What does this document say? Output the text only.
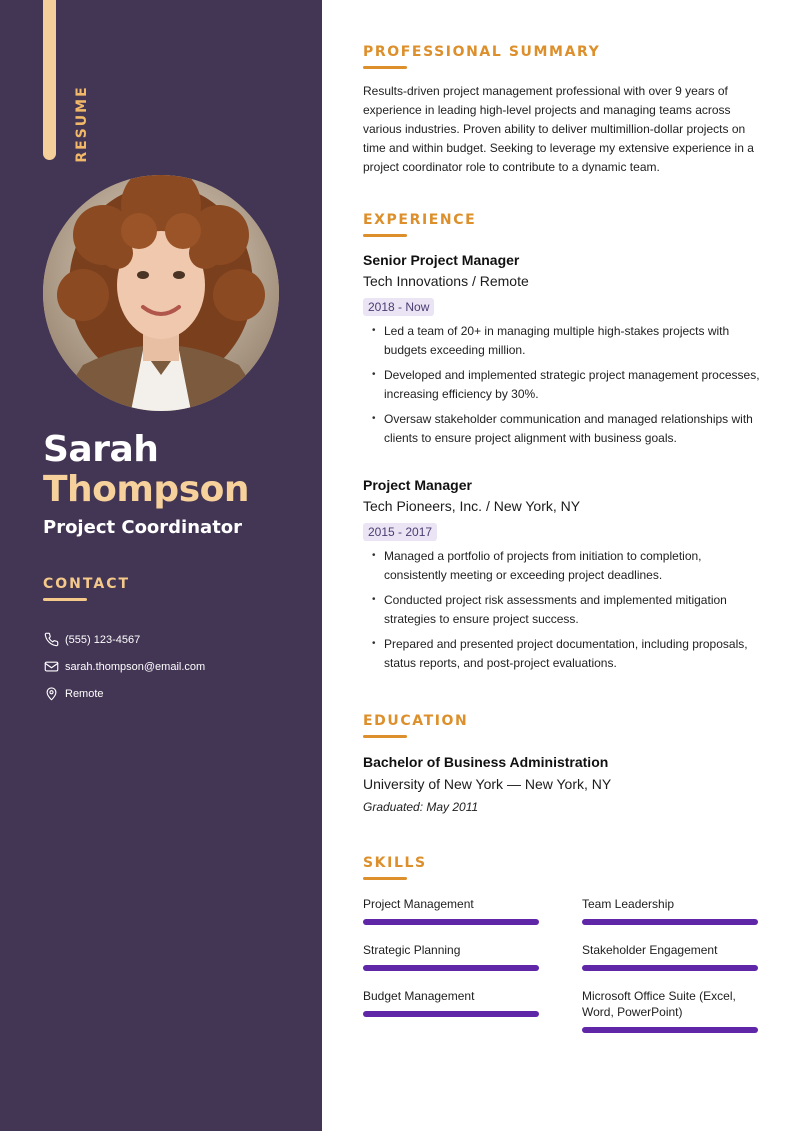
RESUME
Sarah
Thompson
Project Coordinator
CONTACT
(555) 123-4567
sarah.thompson@email.com
Remote
PROFESSIONAL SUMMARY

Results-driven project management professional with over 9 years of experience in leading high-level projects and managing teams across various industries. Proven ability to deliver multimillion-dollar projects on time and within budget. Seeking to leverage my extensive experience in a project coordinator role to contribute to a dynamic team.

EXPERIENCE
Senior Project Manager
Tech Innovations / Remote
2018 - Now
• Led a team of 20+ in managing multiple high-stakes projects with budgets exceeding million.
• Developed and implemented strategic project management processes, increasing efficiency by 30%.
• Oversaw stakeholder communication and managed relationships with clients to ensure project alignment with business goals.
Project Manager
Tech Pioneers, Inc. / New York, NY
2015 - 2017
• Managed a portfolio of projects from initiation to completion, consistently meeting or exceeding project deadlines.
• Conducted project risk assessments and implemented mitigation strategies to ensure project success.
• Prepared and presented project documentation, including proposals, status reports, and post-project evaluations.
EDUCATION
Bachelor of Business Administration
University of New York — New York, NY
Graduated: May 2011
SKILLS
Project Management	Team Leadership
Strategic Planning	Stakeholder Engagement
Budget Management	Microsoft Office Suite (Excel, Word, PowerPoint)
